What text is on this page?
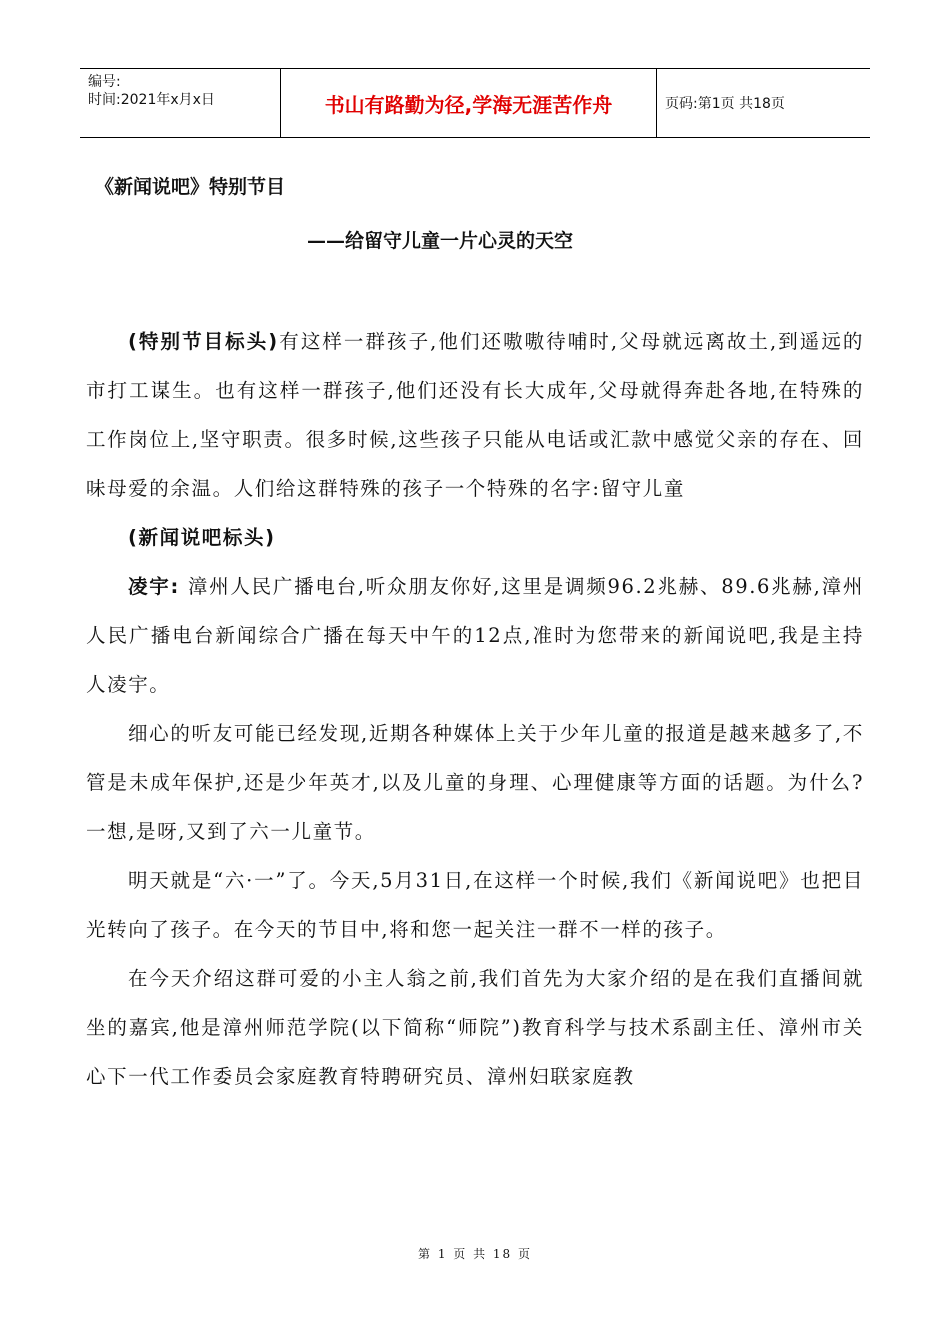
编号:
时间:2021年x月x日	书山有路勤为径,学海无涯苦作舟	页码:第1页 共18页
《新闻说吧》特别节目
——给留守儿童一片心灵的天空

(特别节目标头)有这样一群孩子,他们还嗷嗷待哺时,父母就远离故土,到遥远的市打工谋生。也有这样一群孩子,他们还没有长大成年,父母就得奔赴各地,在特殊的工作岗位上,坚守职责。很多时候,这些孩子只能从电话或汇款中感觉父亲的存在、回味母爱的余温。人们给这群特殊的孩子一个特殊的名字:留守儿童

(新闻说吧标头)

凌宇: 漳州人民广播电台,听众朋友你好,这里是调频96.2兆赫、89.6兆赫,漳州人民广播电台新闻综合广播在每天中午的12点,准时为您带来的新闻说吧,我是主持人凌宇。

细心的听友可能已经发现,近期各种媒体上关于少年儿童的报道是越来越多了,不管是未成年保护,还是少年英才,以及儿童的身理、心理健康等方面的话题。为什么?一想,是呀,又到了六一儿童节。

明天就是“六·一”了。今天,5月31日,在这样一个时候,我们《新闻说吧》也把目光转向了孩子。在今天的节目中,将和您一起关注一群不一样的孩子。

在今天介绍这群可爱的小主人翁之前,我们首先为大家介绍的是在我们直播间就坐的嘉宾,他是漳州师范学院(以下简称“师院”)教育科学与技术系副主任、漳州市关心下一代工作委员会家庭教育特聘研究员、漳州妇联家庭教

第 1 页 共 18 页
